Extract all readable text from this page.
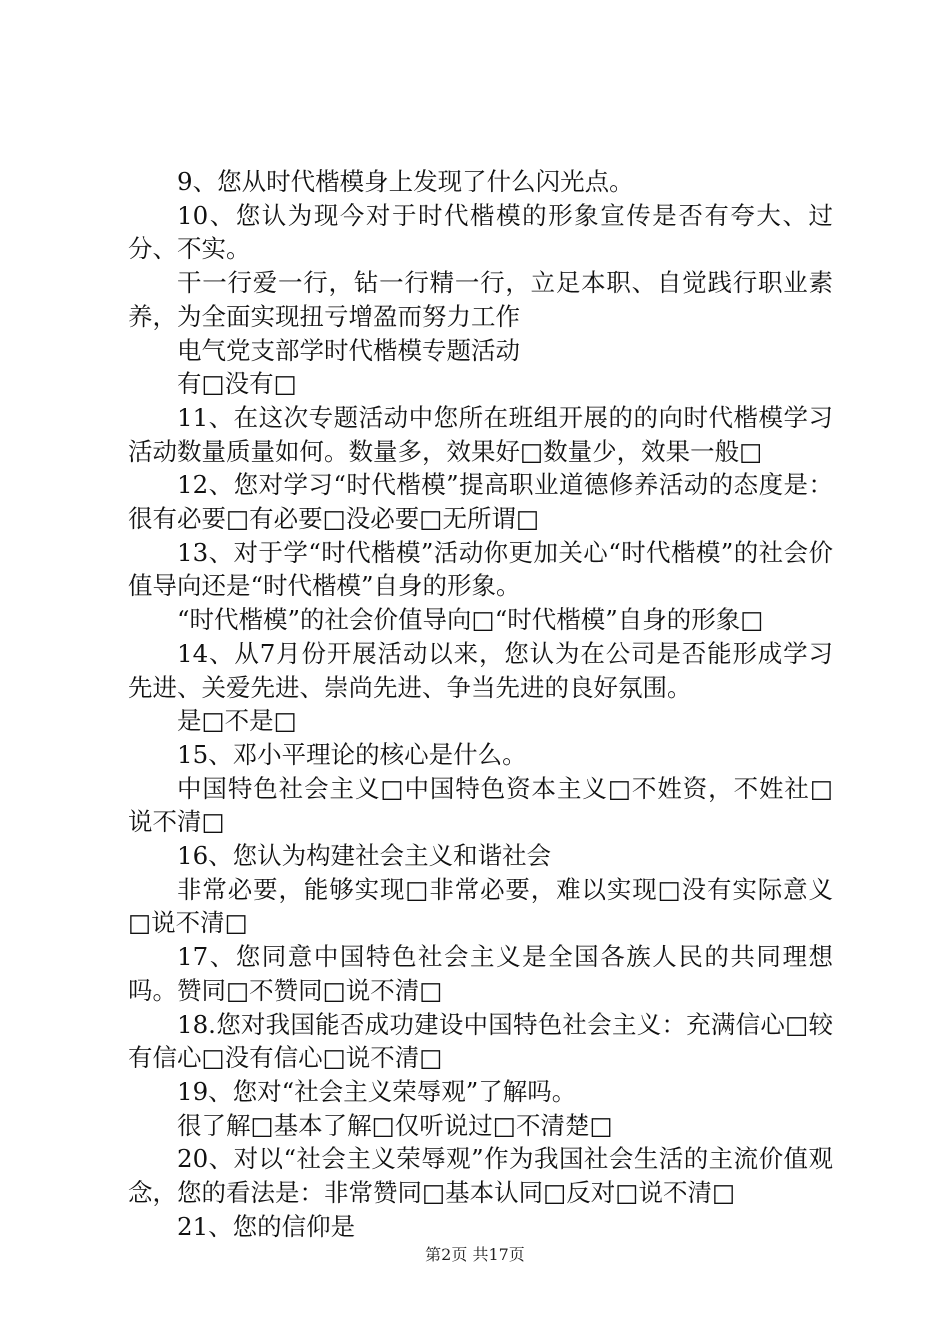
9、您从时代楷模身上发现了什么闪光点。

10、您认为现今对于时代楷模的形象宣传是否有夸大、过分、不实。

干一行爱一行，钻一行精一行，立足本职、自觉践行职业素养，为全面实现扭亏增盈而努力工作

电气党支部学时代楷模专题活动

有□没有□

11、在这次专题活动中您所在班组开展的的向时代楷模学习活动数量质量如何。数量多，效果好□数量少，效果一般□

12、您对学习“时代楷模”提高职业道德修养活动的态度是：很有必要□有必要□没必要□无所谓□

13、对于学“时代楷模”活动你更加关心“时代楷模”的社会价值导向还是“时代楷模”自身的形象。

“时代楷模”的社会价值导向□“时代楷模”自身的形象□

14、从7月份开展活动以来，您认为在公司是否能形成学习先进、关爱先进、崇尚先进、争当先进的良好氛围。

是□不是□

15、邓小平理论的核心是什么。

中国特色社会主义□中国特色资本主义□不姓资，不姓社□说不清□

16、您认为构建社会主义和谐社会

非常必要，能够实现□非常必要，难以实现□没有实际意义□说不清□

17、您同意中国特色社会主义是全国各族人民的共同理想吗。赞同□不赞同□说不清□

18.您对我国能否成功建设中国特色社会主义：充满信心□较有信心□没有信心□说不清□

19、您对“社会主义荣辱观”了解吗。

很了解□基本了解□仅听说过□不清楚□

20、对以“社会主义荣辱观”作为我国社会生活的主流价值观念，您的看法是：非常赞同□基本认同□反对□说不清□

21、您的信仰是

第2页 共17页
